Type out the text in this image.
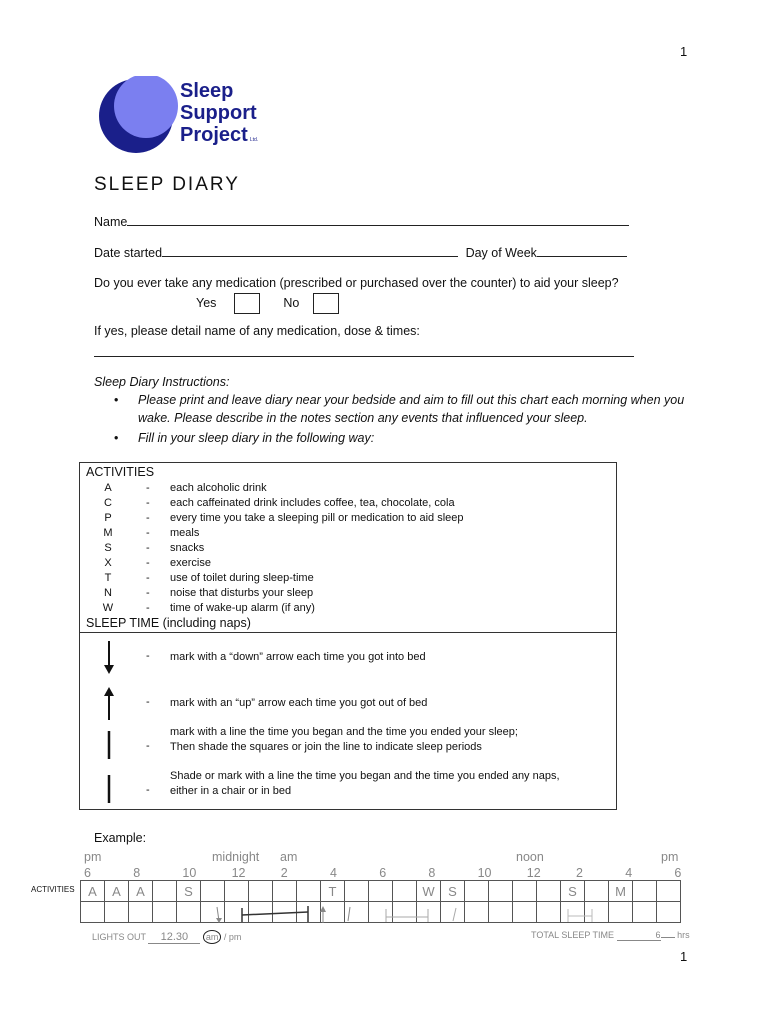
1
1
Sleep
Support
Project Ltd.
SLEEP DIARY
Name
Date started	Day of Week
Do you ever take any medication (prescribed or purchased over the counter) to aid your sleep?
Yes	No
If yes, please detail name of any medication, dose & times:
Sleep Diary Instructions:
• Please print and leave diary near your bedside and aim to fill out this chart each morning when you wake. Please describe in the notes section any events that influenced your sleep.
• Fill in your sleep diary in the following way:
ACTIVITIES
A	- each alcoholic drink
C	- each caffeinated drink includes coffee, tea, chocolate, cola
P	- every time you take a sleeping pill or medication to aid sleep
M	- meals
S	- snacks
X	- exercise
T	- use of toilet during sleep-time
N	- noise that disturbs your sleep
W	- time of wake-up alarm (if any)
SLEEP TIME (including naps)
- mark with a “down” arrow each time you got into bed
- mark with an “up” arrow each time you got out of bed
mark with a line the time you began and the time you ended your sleep;
- Then shade the squares or join the line to indicate sleep periods
Shade or mark with a line the time you began and the time you ended any naps,
- either in a chair or in bed
Example:
pm	midnight am	noon	pm
6	8	10	12	2	4	6	8	10	12	2	4	6
ACTIVITIES A	A	A		S						T				W	S					S		M		

LIGHTS OUT 12.30 am / pm	TOTAL SLEEP TIME	6 hrs
